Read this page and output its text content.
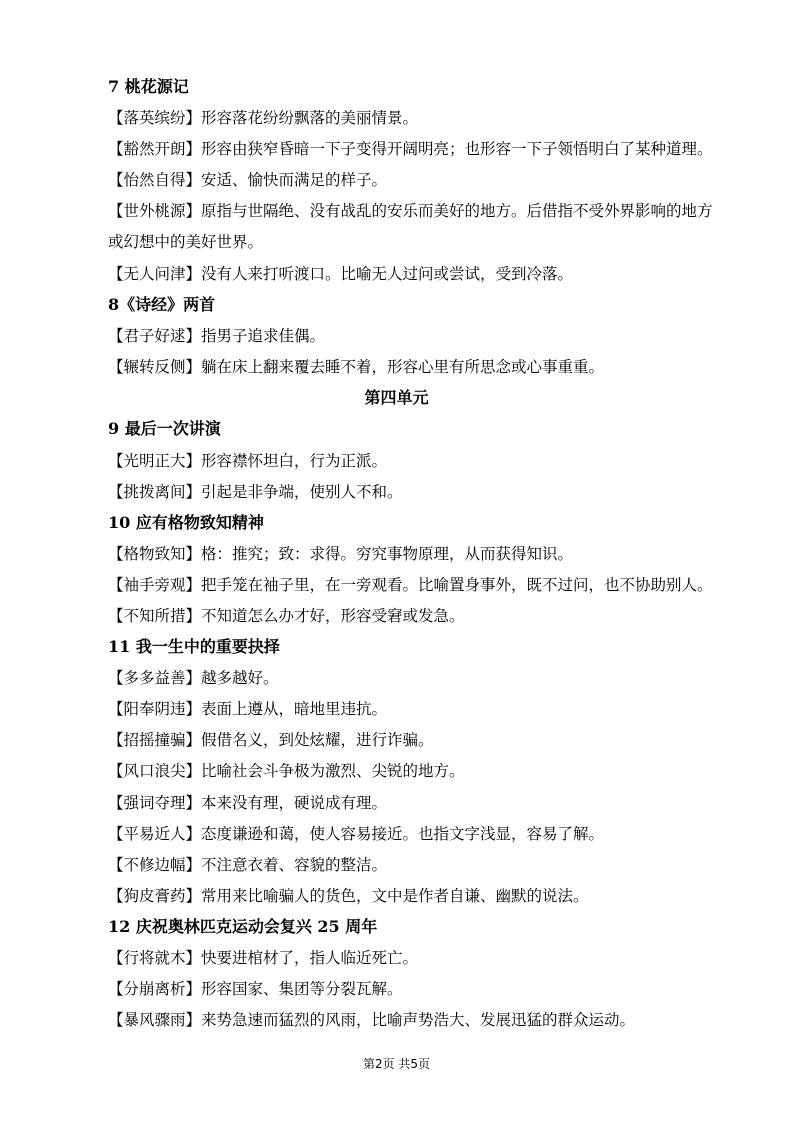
7 桃花源记
【落英缤纷】形容落花纷纷飘落的美丽情景。
【豁然开朗】形容由狭窄昏暗一下子变得开阔明亮；也形容一下子领悟明白了某种道理。
【怡然自得】安适、愉快而满足的样子。
【世外桃源】原指与世隔绝、没有战乱的安乐而美好的地方。后借指不受外界影响的地方或幻想中的美好世界。
【无人问津】没有人来打听渡口。比喻无人过问或尝试，受到冷落。
8《诗经》两首
【君子好逑】指男子追求佳偶。
【辗转反侧】躺在床上翻来覆去睡不着，形容心里有所思念或心事重重。
第四单元
9 最后一次讲演
【光明正大】形容襟怀坦白，行为正派。
【挑拨离间】引起是非争端，使别人不和。
10 应有格物致知精神
【格物致知】格：推究；致：求得。穷究事物原理，从而获得知识。
【袖手旁观】把手笼在袖子里，在一旁观看。比喻置身事外，既不过问，也不协助别人。
【不知所措】不知道怎么办才好，形容受窘或发急。
11 我一生中的重要抉择
【多多益善】越多越好。
【阳奉阴违】表面上遵从，暗地里违抗。
【招摇撞骗】假借名义，到处炫耀，进行诈骗。
【风口浪尖】比喻社会斗争极为激烈、尖锐的地方。
【强词夺理】本来没有理，硬说成有理。
【平易近人】态度谦逊和蔼，使人容易接近。也指文字浅显，容易了解。
【不修边幅】不注意衣着、容貌的整洁。
【狗皮膏药】常用来比喻骗人的货色，文中是作者自谦、幽默的说法。
12 庆祝奥林匹克运动会复兴 25 周年
【行将就木】快要进棺材了，指人临近死亡。
【分崩离析】形容国家、集团等分裂瓦解。
【暴风骤雨】来势急速而猛烈的风雨，比喻声势浩大、发展迅猛的群众运动。
第2页 共5页
